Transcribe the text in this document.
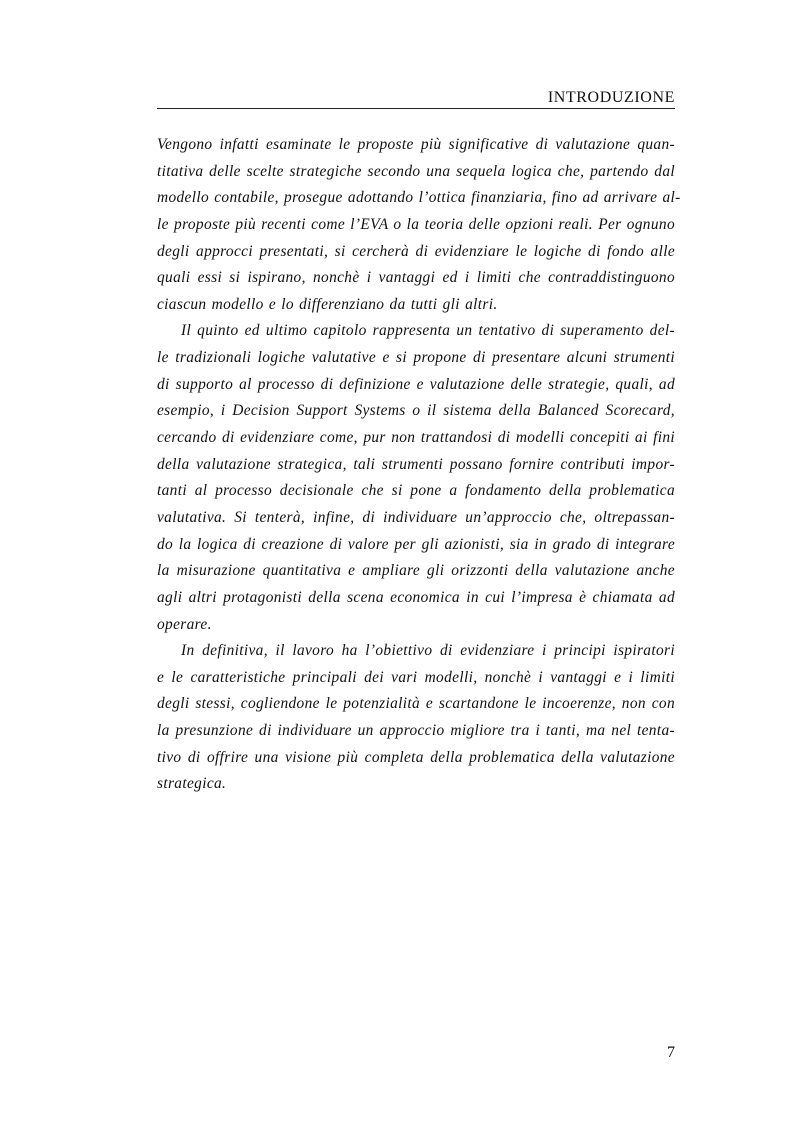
INTRODUZIONE

Vengono infatti esaminate le proposte più significative di valutazione quan-
titativa delle scelte strategiche secondo una sequela logica che, partendo dal
modello contabile, prosegue adottando l’ottica finanziaria, fino ad arrivare al-
le proposte più recenti come l’EVA o la teoria delle opzioni reali. Per ognuno
degli approcci presentati, si cercherà di evidenziare le logiche di fondo alle
quali essi si ispirano, nonchè i vantaggi ed i limiti che contraddistinguono
ciascun modello e lo differenziano da tutti gli altri.

Il quinto ed ultimo capitolo rappresenta un tentativo di superamento del-
le tradizionali logiche valutative e si propone di presentare alcuni strumenti
di supporto al processo di definizione e valutazione delle strategie, quali, ad
esempio, i Decision Support Systems o il sistema della Balanced Scorecard,
cercando di evidenziare come, pur non trattandosi di modelli concepiti ai fini
della valutazione strategica, tali strumenti possano fornire contributi impor-
tanti al processo decisionale che si pone a fondamento della problematica
valutativa. Si tenterà, infine, di individuare un’approccio che, oltrepassan-
do la logica di creazione di valore per gli azionisti, sia in grado di integrare
la misurazione quantitativa e ampliare gli orizzonti della valutazione anche
agli altri protagonisti della scena economica in cui l’impresa è chiamata ad
operare.

In definitiva, il lavoro ha l’obiettivo di evidenziare i principi ispiratori
e le caratteristiche principali dei vari modelli, nonchè i vantaggi e i limiti
degli stessi, cogliendone le potenzialità e scartandone le incoerenze, non con
la presunzione di individuare un approccio migliore tra i tanti, ma nel tenta-
tivo di offrire una visione più completa della problematica della valutazione
strategica.

7
